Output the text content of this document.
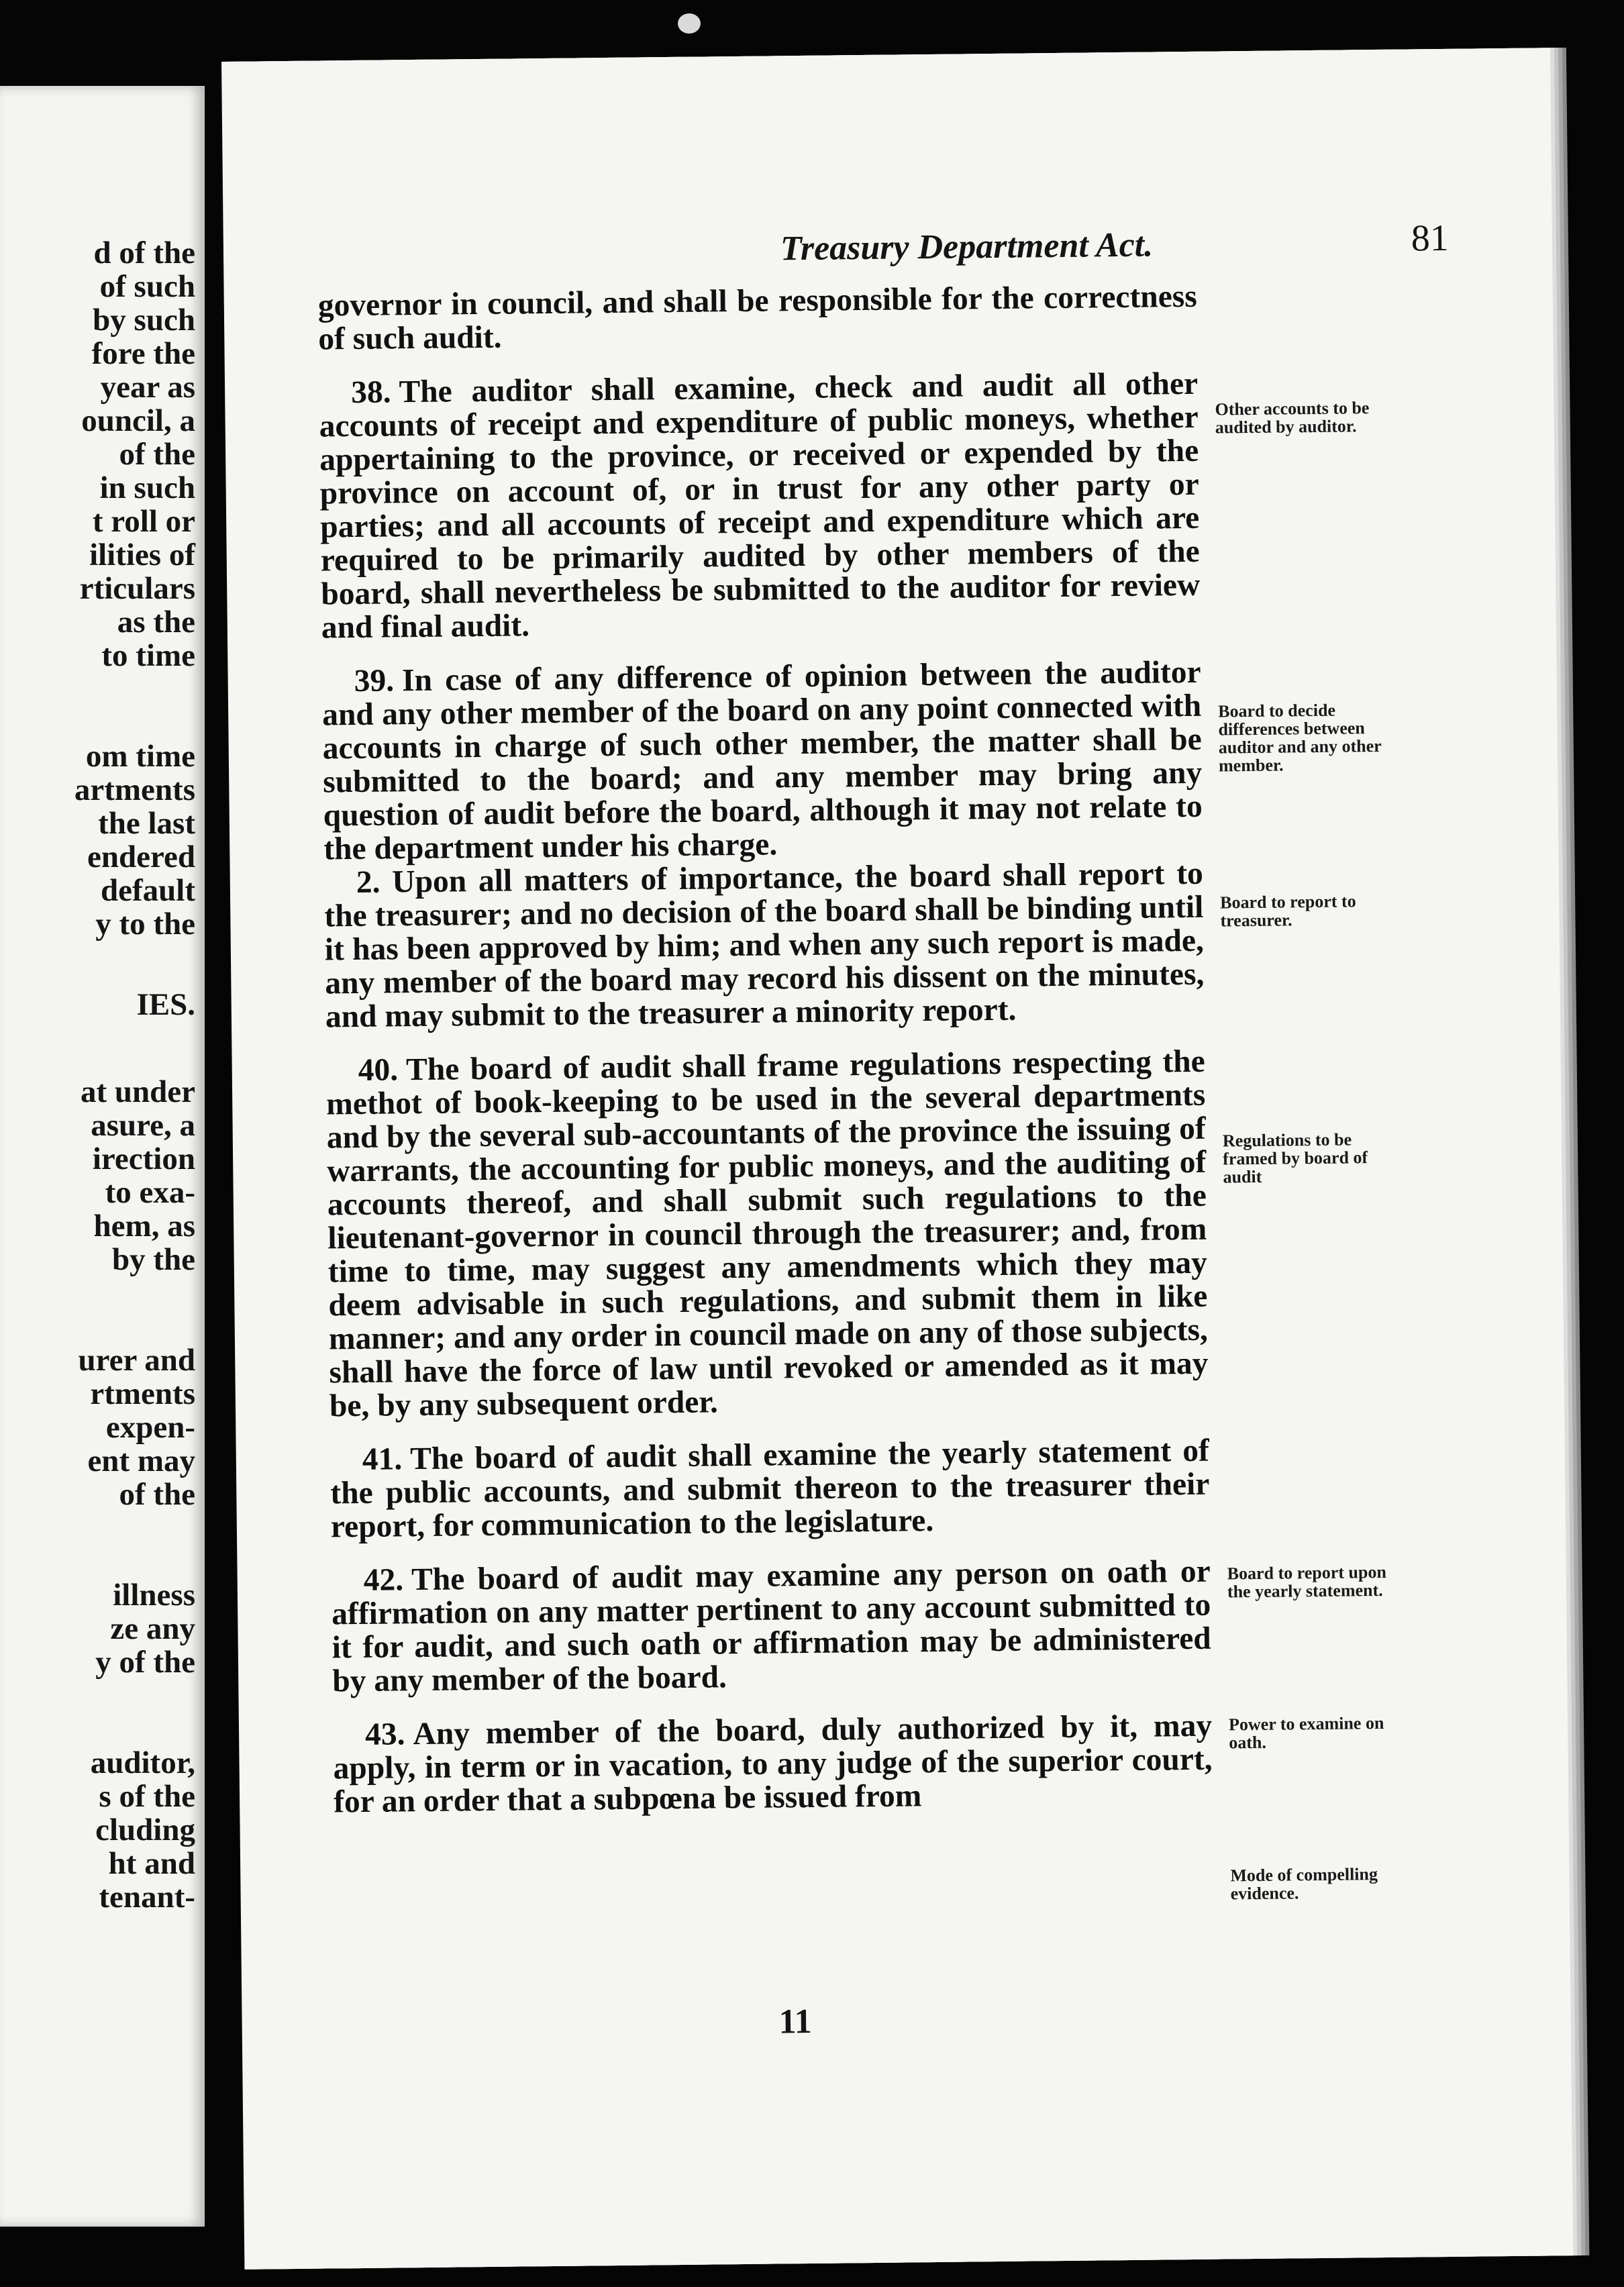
d of the
of such
by such
fore the
year as
ouncil, a
of the
in such
t roll or
ilities of
rticulars
as the
to time
om time
artments
the last
endered
default
y to the
IES.
at under
asure, a
irection
to exa-
hem, as
by the
urer and
rtments
expen-
ent may
of the
illness
ze any
y of the
auditor,
s of the
cluding
ht and
tenant-
Treasury Department Act.	81

governor in council, and shall be responsible for the correctness of such audit.

38. The auditor shall examine, check and audit all other accounts of receipt and expenditure of public moneys, whether appertaining to the province, or received or expended by the province on account of, or in trust for any other party or parties; and all accounts of receipt and expenditure which are required to be primarily audited by other members of the board, shall nevertheless be submitted to the auditor for review and final audit.

39. In case of any difference of opinion between the auditor and any other member of the board on any point connected with accounts in charge of such other member, the matter shall be submitted to the board; and any member may bring any question of audit before the board, although it may not relate to the department under his charge.

2. Upon all matters of importance, the board shall report to the treasurer; and no decision of the board shall be binding until it has been approved by him; and when any such report is made, any member of the board may record his dissent on the minutes, and may submit to the treasurer a minority report.

40. The board of audit shall frame regulations respecting the methot of book-keeping to be used in the several departments and by the several sub-accountants of the province the issuing of warrants, the accounting for public moneys, and the auditing of accounts thereof, and shall submit such regulations to the lieutenant-governor in council through the treasurer; and, from time to time, may suggest any amendments which they may deem advisable in such regulations, and submit them in like manner; and any order in council made on any of those subjects, shall have the force of law until revoked or amended as it may be, by any subsequent order.

41. The board of audit shall examine the yearly statement of the public accounts, and submit thereon to the treasurer their report, for communication to the legislature.

42. The board of audit may examine any person on oath or affirmation on any matter pertinent to any account submitted to it for audit, and such oath or affirmation may be administered by any member of the board.

43. Any member of the board, duly authorized by it, may apply, in term or in vacation, to any judge of the superior court, for an order that a subpœna be issued from

Other accounts to be audited by auditor.
Board to decide differences between auditor and any other member.
Board to report to treasurer.
Regulations to be framed by board of audit
Board to report upon the yearly statement.
Power to examine on oath.
Mode of compelling evidence.
11
